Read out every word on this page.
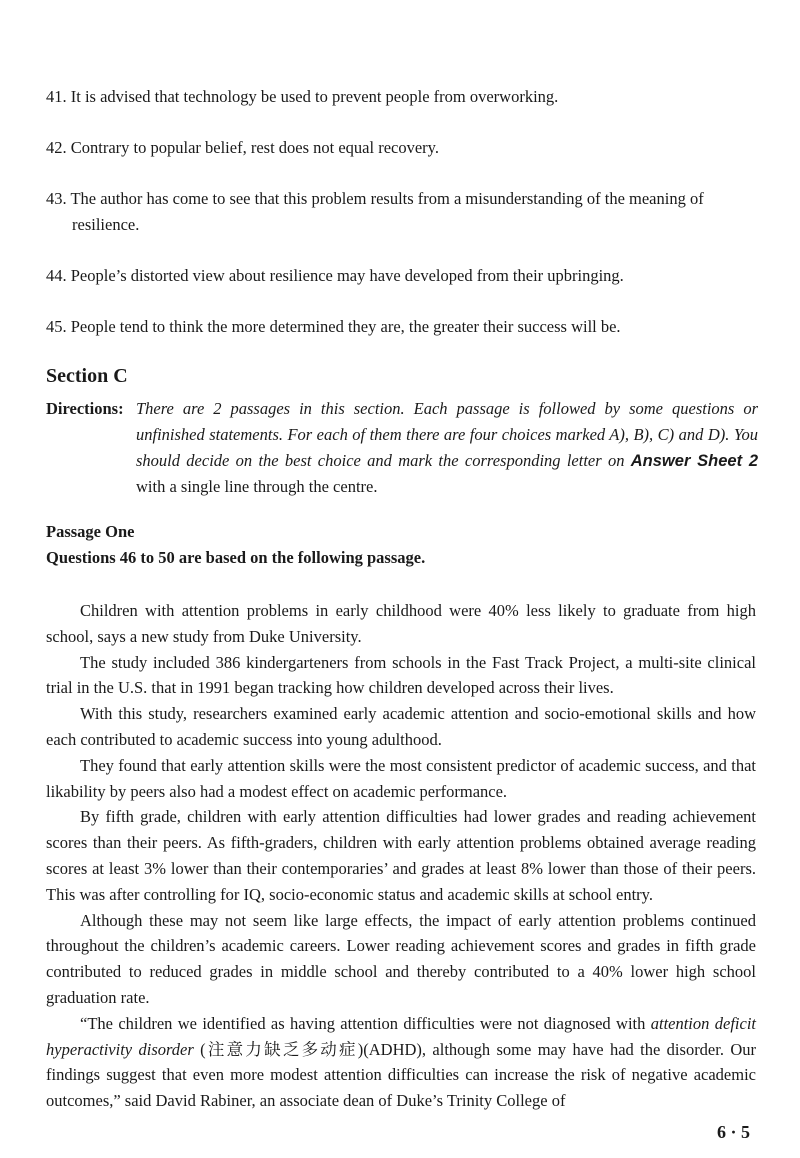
41. It is advised that technology be used to prevent people from overworking.
42. Contrary to popular belief, rest does not equal recovery.
43. The author has come to see that this problem results from a misunderstanding of the meaning of
resilience.
44. People’s distorted view about resilience may have developed from their upbringing.
45. People tend to think the more determined they are, the greater their success will be.
Section C
Directions: There are 2 passages in this section. Each passage is followed by some questions or unfinished statements. For each of them there are four choices marked A), B), C) and D). You should decide on the best choice and mark the corresponding letter on Answer Sheet 2 with a single line through the centre.
Passage One
Questions 46 to 50 are based on the following passage.

Children with attention problems in early childhood were 40% less likely to graduate from high school, says a new study from Duke University.

The study included 386 kindergarteners from schools in the Fast Track Project, a multi-site clinical trial in the U.S. that in 1991 began tracking how children developed across their lives.

With this study, researchers examined early academic attention and socio-emotional skills and how each contributed to academic success into young adulthood.

They found that early attention skills were the most consistent predictor of academic success, and that likability by peers also had a modest effect on academic performance.

By fifth grade, children with early attention difficulties had lower grades and reading achievement scores than their peers. As fifth-graders, children with early attention problems obtained average reading scores at least 3% lower than their contemporaries’ and grades at least 8% lower than those of their peers. This was after controlling for IQ, socio-economic status and academic skills at school entry.

Although these may not seem like large effects, the impact of early attention problems continued throughout the children’s academic careers. Lower reading achievement scores and grades in fifth grade contributed to reduced grades in middle school and thereby contributed to a 40% lower high school graduation rate.

“The children we identified as having attention difficulties were not diagnosed with attention deficit hyperactivity disorder (注意力缺乏多动症)(ADHD), although some may have had the disorder. Our findings suggest that even more modest attention difficulties can increase the risk of negative academic outcomes,” said David Rabiner, an associate dean of Duke’s Trinity College of

6 · 5
